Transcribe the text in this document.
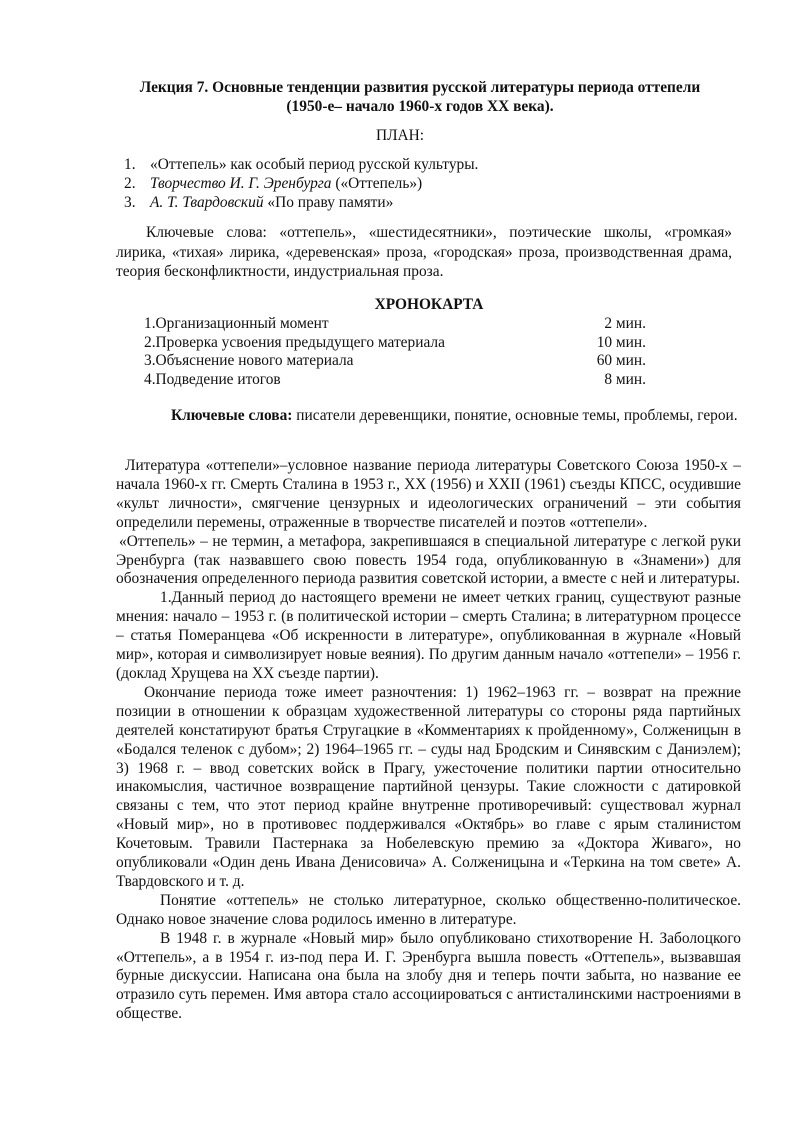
Лекция 7. Основные тенденции развития русской литературы периода оттепели
(1950-е– начало 1960-х годов ХХ века).
ПЛАН:
1. «Оттепель» как особый период русской культуры.
2. Творчество И. Г. Эренбурга («Оттепель»)
3. А. Т. Твардовский «По праву памяти»
Ключевые слова: «оттепель», «шестидесятники», поэтические школы, «громкая» лирика, «тихая» лирика, «деревенская» проза, «городская» проза, производственная драма, теория бесконфликтности, индустриальная проза.
ХРОНОКАРТА
1.Организационный момент	2 мин.
2.Проверка усвоения предыдущего материала	10 мин.
3.Объяснение нового материала	60 мин.
4.Подведение итогов	8 мин.
Ключевые слова: писатели деревенщики, понятие, основные темы, проблемы, герои.

Литература «оттепели»–условное название периода литературы Советского Союза 1950-х – начала 1960-х гг. Смерть Сталина в 1953 г., XX (1956) и XXII (1961) съезды КПСС, осудившие «культ личности», смягчение цензурных и идеологических ограничений – эти события определили перемены, отраженные в творчестве писателей и поэтов «оттепели».

«Оттепель» – не термин, а метафора, закрепившаяся в специальной литературе с легкой руки Эренбурга (так назвавшего свою повесть 1954 года, опубликованную в «Знамени») для обозначения определенного периода развития советской истории, а вместе с ней и литературы.

1.Данный период до настоящего времени не имеет четких границ, существуют разные мнения: начало – 1953 г. (в политической истории – смерть Сталина; в литературном процессе – статья Померанцева «Об искренности в литературе», опубликованная в журнале «Новый мир», которая и символизирует новые веяния). По другим данным начало «оттепели» – 1956 г. (доклад Хрущева на XX съезде партии).

Окончание периода тоже имеет разночтения: 1) 1962–1963 гг. – возврат на прежние позиции в отношении к образцам художественной литературы со стороны ряда партийных деятелей констатируют братья Стругацкие в «Комментариях к пройденному», Солженицын в «Бодался теленок с дубом»; 2) 1964–1965 гг. – суды над Бродским и Синявским с Даниэлем); 3) 1968 г. – ввод советских войск в Прагу, ужесточение политики партии относительно инакомыслия, частичное возвращение партийной цензуры. Такие сложности с датировкой связаны с тем, что этот период крайне внутренне противоречивый: существовал журнал «Новый мир», но в противовес поддерживался «Октябрь» во главе с ярым сталинистом Кочетовым. Травили Пастернака за Нобелевскую премию за «Доктора Живаго», но опубликовали «Один день Ивана Денисовича» А. Солженицына и «Теркина на том свете» А. Твардовского и т. д.

Понятие «оттепель» не столько литературное, сколько общественно-политическое. Однако новое значение слова родилось именно в литературе.

В 1948 г. в журнале «Новый мир» было опубликовано стихотворение Н. Заболоцкого «Оттепель», а в 1954 г. из-под пера И. Г. Эренбурга вышла повесть «Оттепель», вызвавшая бурные дискуссии. Написана она была на злобу дня и теперь почти забыта, но название ее отразило суть перемен. Имя автора стало ассоциироваться с антисталинскими настроениями в обществе.
